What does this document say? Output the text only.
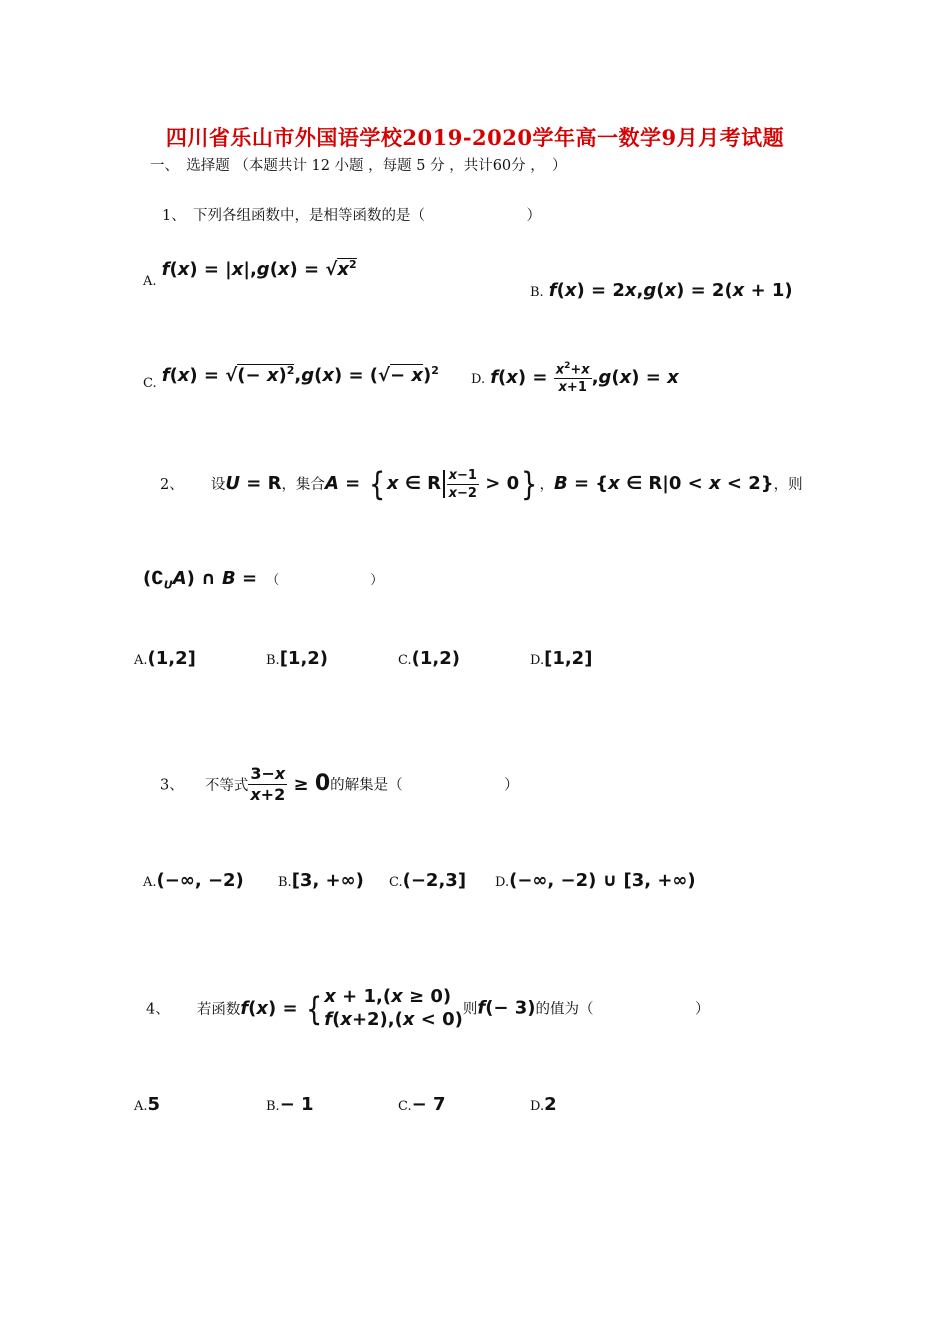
四川省乐山市外国语学校2019-2020学年高一数学9月月考试题
一、　选择题 （本题共计 12 小题 ，每题 5 分 ，共计60分 ，　）
1、　下列各组函数中，是相等函数的是（　　　　　　　）
A. $f(x) = |x|,g(x) = √x^2$
B. f(x) = 2x,g(x) = 2(x + 1)
C. f(x) = √(− x)$^2$,g(x) = (√− x)$^2$
D. $f(x) = \frac{x^2+x}{x+1} ,g(x) = x$
2、 设U = R，集合A = { x ∈ R $\frac{x-1}{x-2} > 0$} ，B = {x ∈ R|0 < x < 2}，则
$(∁_UA)$ ∩ B = （　　　　　　　）
A.(1,2]	B.[1,2)	C.(1,2)	D.[1,2]
3、 不等式 $\frac{3-x}{x+2} \ge 0$的解集是（　　　　　　　）
A.(−∞, −2)	B.[3, +∞) C.(−2,3] D.(−∞, −2) ∪ [3, +∞)
4、 若函数f(x) = { x + 1,(x ≥ 0)
f(x+2),(x < 0) 则f(− 3)的值为（　　　　　　　）
A.5	B.− 1	C.− 7	D.2
